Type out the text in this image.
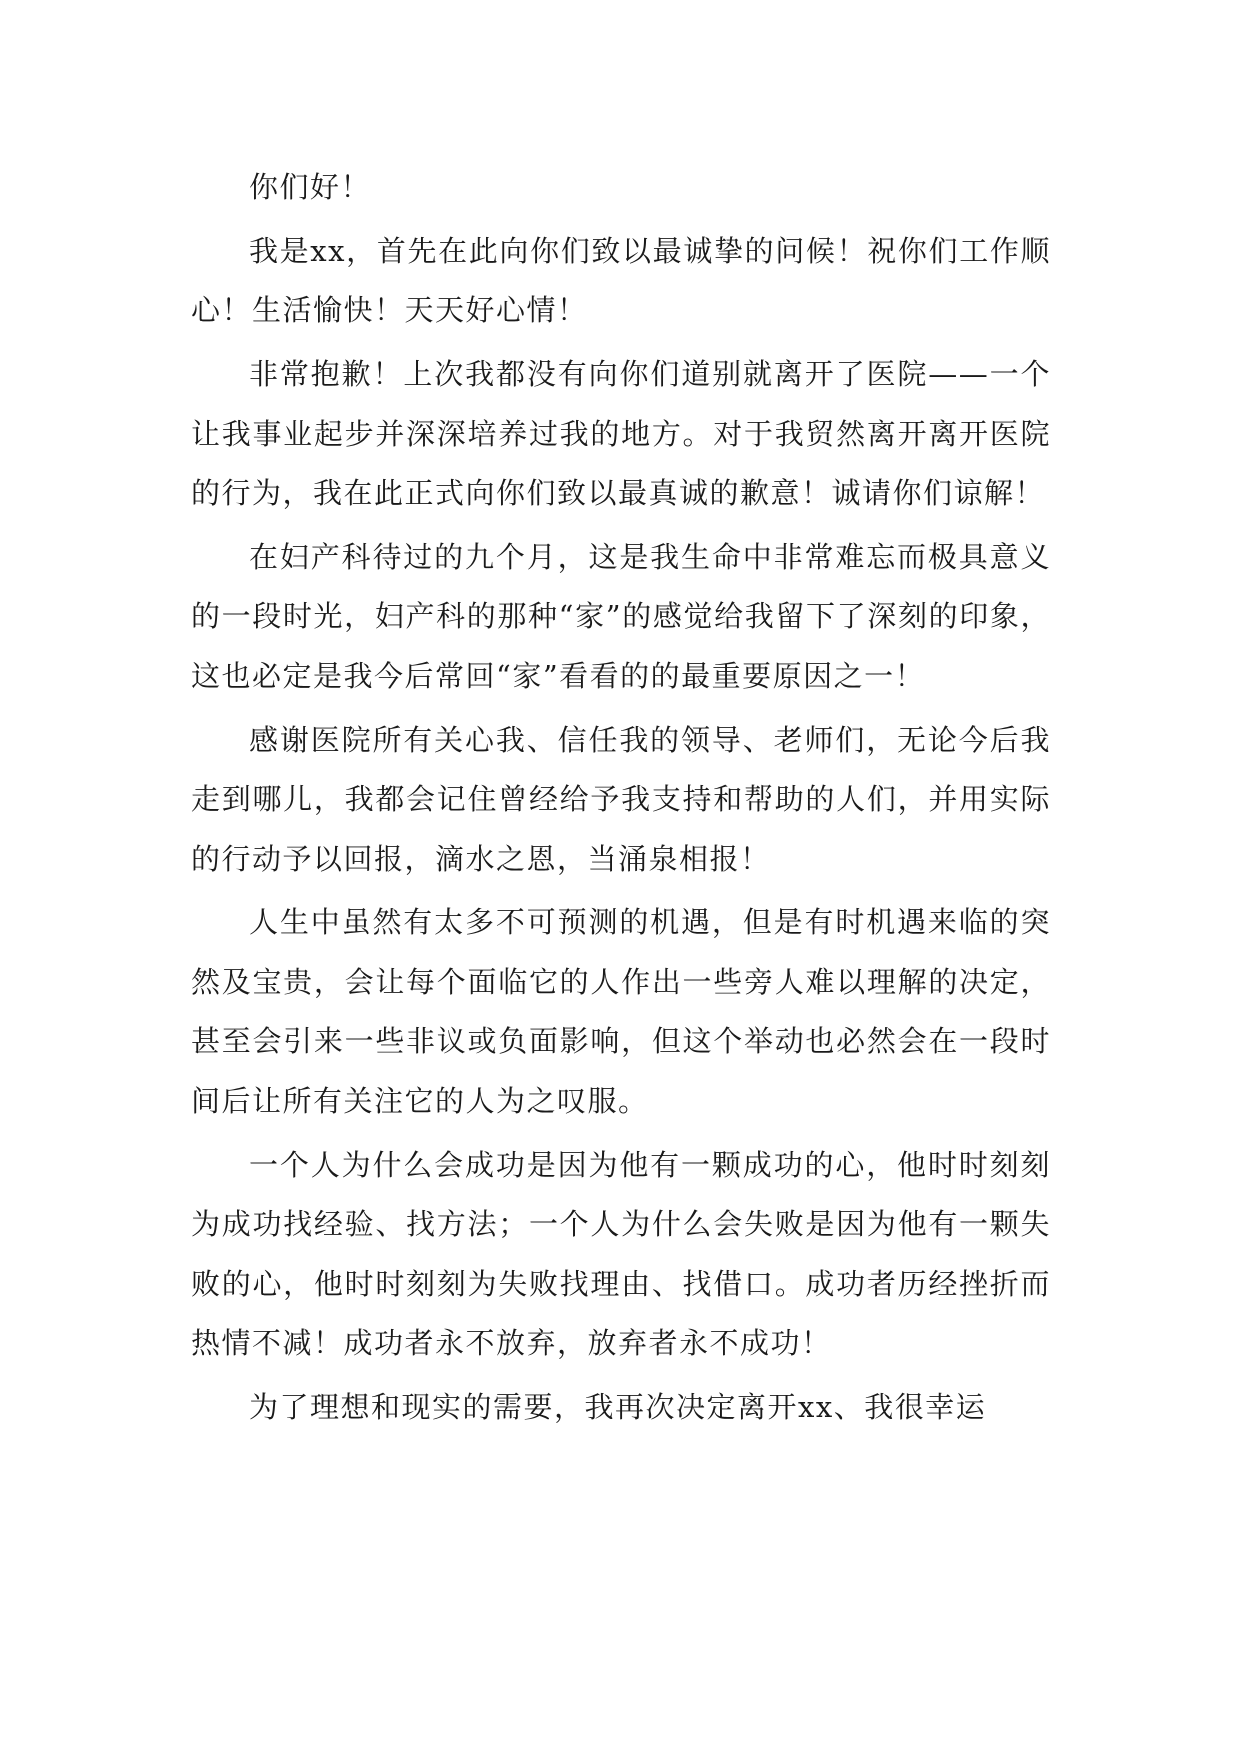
你们好！

我是xx，首先在此向你们致以最诚挚的问候！祝你们工作顺心！生活愉快！天天好心情！

非常抱歉！上次我都没有向你们道别就离开了医院——一个让我事业起步并深深培养过我的地方。对于我贸然离开离开医院的行为，我在此正式向你们致以最真诚的歉意！诚请你们谅解！

在妇产科待过的九个月，这是我生命中非常难忘而极具意义的一段时光，妇产科的那种“家”的感觉给我留下了深刻的印象，这也必定是我今后常回“家”看看的的最重要原因之一！

感谢医院所有关心我、信任我的领导、老师们，无论今后我走到哪儿，我都会记住曾经给予我支持和帮助的人们，并用实际的行动予以回报，滴水之恩，当涌泉相报！

人生中虽然有太多不可预测的机遇，但是有时机遇来临的突然及宝贵，会让每个面临它的人作出一些旁人难以理解的决定，甚至会引来一些非议或负面影响，但这个举动也必然会在一段时间后让所有关注它的人为之叹服。

一个人为什么会成功是因为他有一颗成功的心，他时时刻刻为成功找经验、找方法；一个人为什么会失败是因为他有一颗失败的心，他时时刻刻为失败找理由、找借口。成功者历经挫折而热情不减！成功者永不放弃，放弃者永不成功！

为了理想和现实的需要，我再次决定离开xx、我很幸运
